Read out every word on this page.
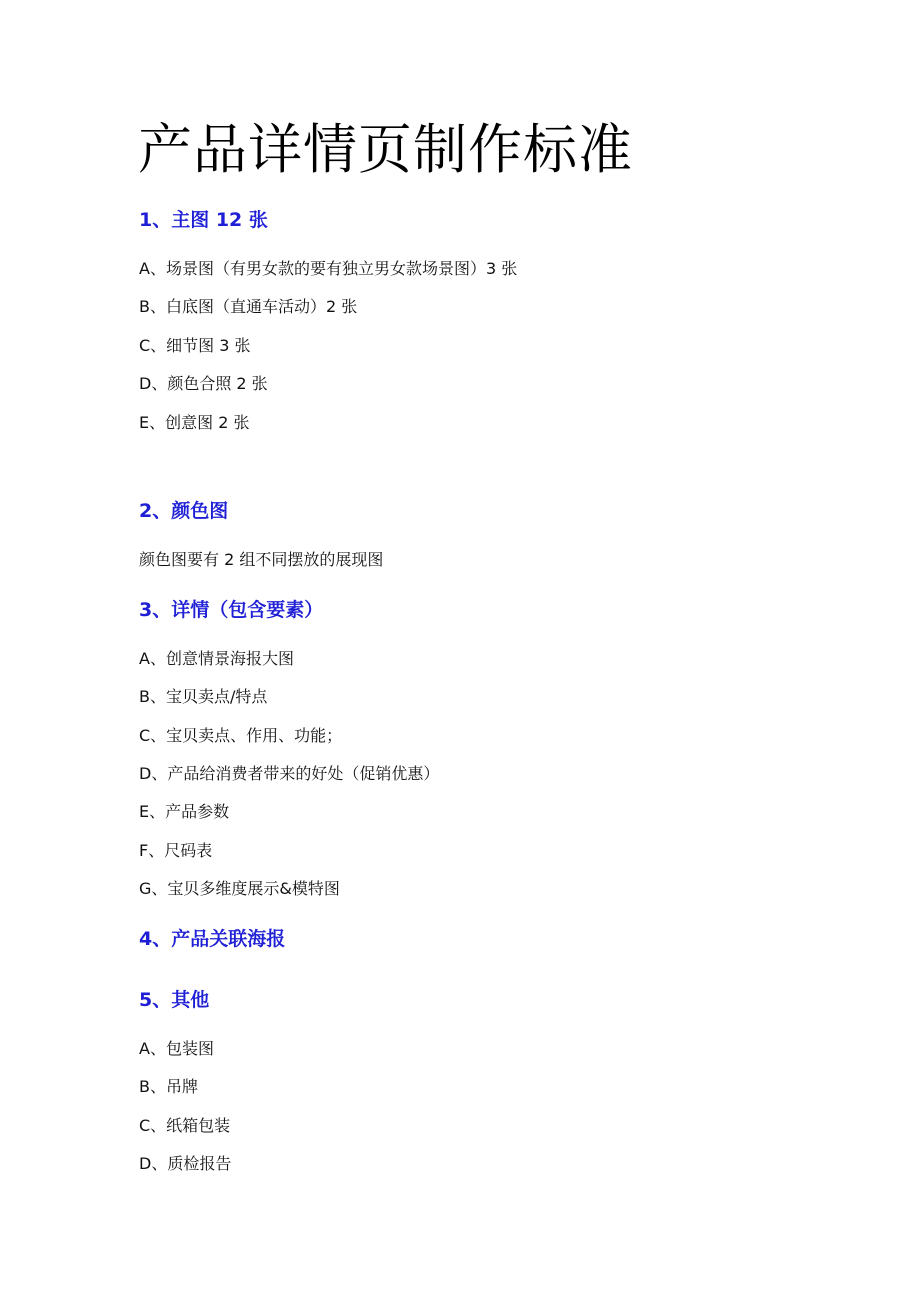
产品详情页制作标准
1、主图 12 张

A、场景图（有男女款的要有独立男女款场景图）3 张

B、白底图（直通车活动）2 张

C、细节图 3 张

D、颜色合照 2 张

E、创意图 2 张

2、颜色图

颜色图要有 2 组不同摆放的展现图

3、详情（包含要素）

A、创意情景海报大图

B、宝贝卖点/特点

C、宝贝卖点、作用、功能；

D、产品给消费者带来的好处（促销优惠）

E、产品参数

F、尺码表

G、宝贝多维度展示&模特图

4、产品关联海报
5、其他

A、包装图

B、吊牌

C、纸箱包装

D、质检报告
